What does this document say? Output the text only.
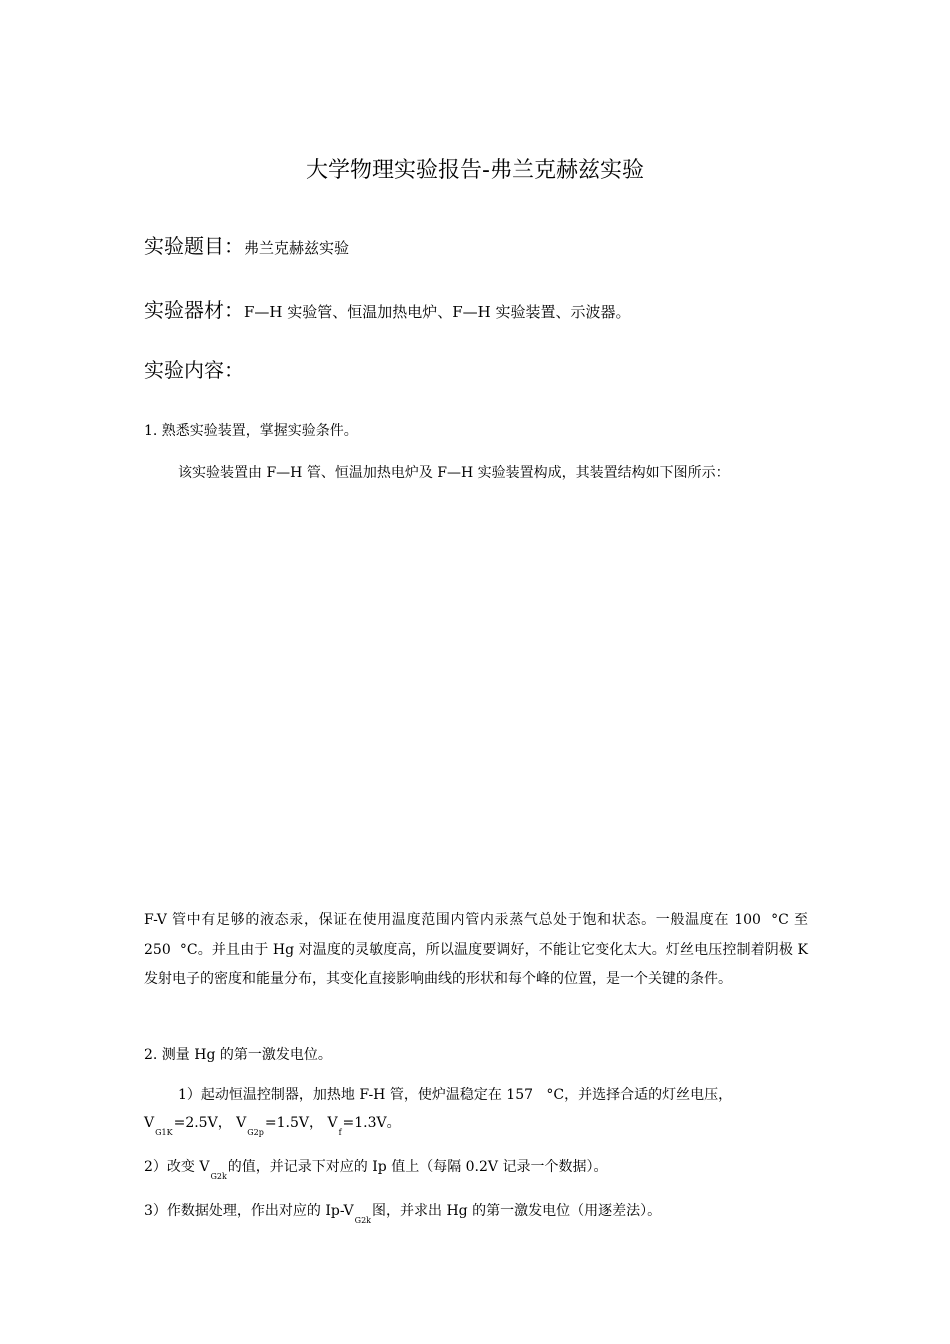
大学物理实验报告-弗兰克赫兹实验
实验题目：弗兰克赫兹实验
实验器材：F—H 实验管、恒温加热电炉、F—H 实验装置、示波器。
实验内容：
1. 熟悉实验装置，掌握实验条件。
该实验装置由 F—H 管、恒温加热电炉及 F—H 实验装置构成，其装置结构如下图所示：
F-V 管中有足够的液态汞，保证在使用温度范围内管内汞蒸气总处于饱和状态。一般温度在 100 °C 至 250 °C。并且由于 Hg 对温度的灵敏度高，所以温度要调好，不能让它变化太大。灯丝电压控制着阴极 K 发射电子的密度和能量分布，其变化直接影响曲线的形状和每个峰的位置，是一个关键的条件。
2. 测量 Hg 的第一激发电位。
1）起动恒温控制器，加热地 F-H 管，使炉温稳定在 157 °C，并选择合适的灯丝电压，
$V_{G1K}=2.5V$， $V_{G2p}=1.5V$， $V_f=1.3V$。
2）改变 $V_{G2k}$的值，并记录下对应的 Ip 值上（每隔 0.2V 记录一个数据）。
3）作数据处理，作出对应的 $Ip-V_{G2k}$图，并求出 Hg 的第一激发电位（用逐差法）。
